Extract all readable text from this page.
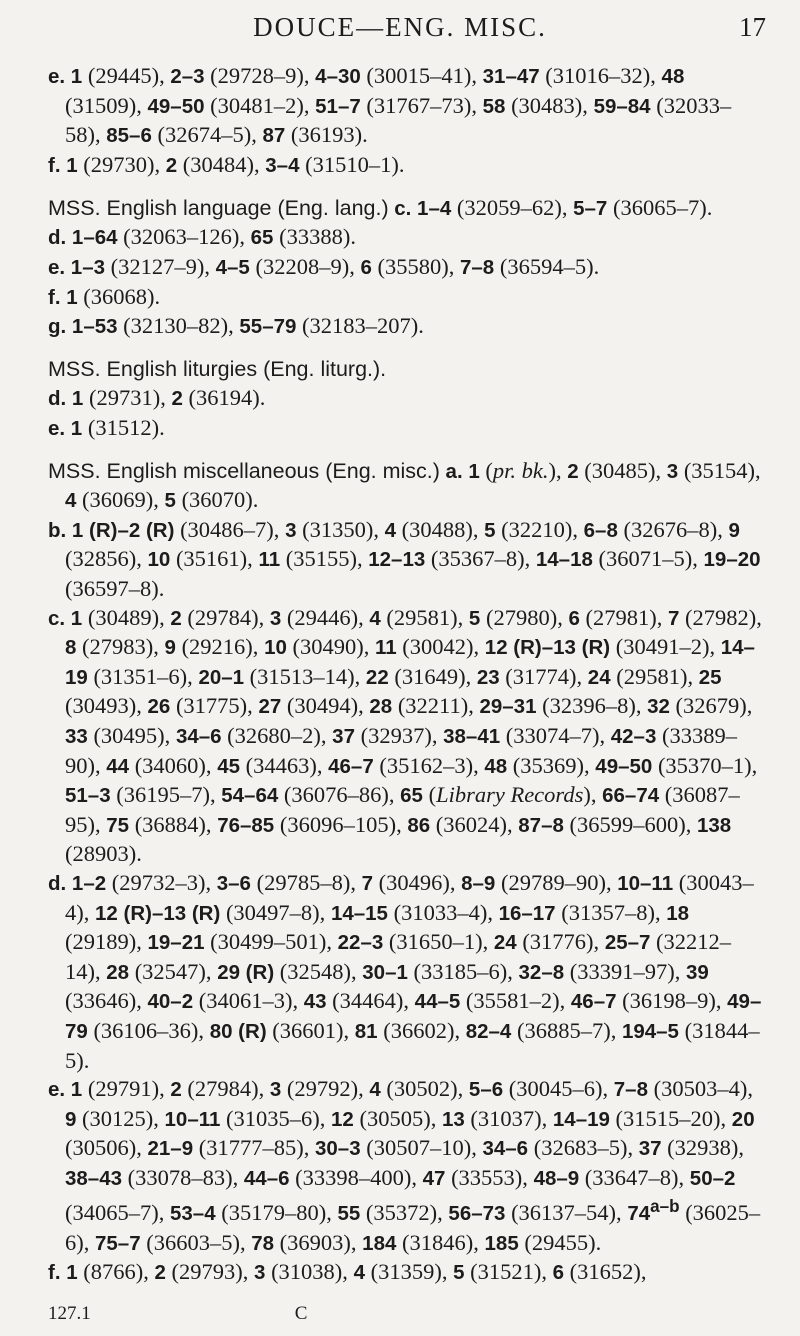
DOUCE—ENG. MISC.	17

e. 1 (29445), 2–3 (29728–9), 4–30 (30015–41), 31–47 (31016–32), 48 (31509), 49–50 (30481–2), 51–7 (31767–73), 58 (30483), 59–84 (32033–58), 85–6 (32674–5), 87 (36193).

f. 1 (29730), 2 (30484), 3–4 (31510–1).

MSS. English language (Eng. lang.) c. 1–4 (32059–62), 5–7 (36065–7).

d. 1–64 (32063–126), 65 (33388).

e. 1–3 (32127–9), 4–5 (32208–9), 6 (35580), 7–8 (36594–5).

f. 1 (36068).

g. 1–53 (32130–82), 55–79 (32183–207).

MSS. English liturgies (Eng. liturg.).

d. 1 (29731), 2 (36194).

e. 1 (31512).

MSS. English miscellaneous (Eng. misc.) a. 1 (pr. bk.), 2 (30485), 3 (35154), 4 (36069), 5 (36070).

b. 1 (R)–2 (R) (30486–7), 3 (31350), 4 (30488), 5 (32210), 6–8 (32676–8), 9 (32856), 10 (35161), 11 (35155), 12–13 (35367–8), 14–18 (36071–5), 19–20 (36597–8).

c. 1 (30489), 2 (29784), 3 (29446), 4 (29581), 5 (27980), 6 (27981), 7 (27982), 8 (27983), 9 (29216), 10 (30490), 11 (30042), 12 (R)–13 (R) (30491–2), 14–19 (31351–6), 20–1 (31513–14), 22 (31649), 23 (31774), 24 (29581), 25 (30493), 26 (31775), 27 (30494), 28 (32211), 29–31 (32396–8), 32 (32679), 33 (30495), 34–6 (32680–2), 37 (32937), 38–41 (33074–7), 42–3 (33389–90), 44 (34060), 45 (34463), 46–7 (35162–3), 48 (35369), 49–50 (35370–1), 51–3 (36195–7), 54–64 (36076–86), 65 (Library Records), 66–74 (36087–95), 75 (36884), 76–85 (36096–105), 86 (36024), 87–8 (36599–600), 138 (28903).

d. 1–2 (29732–3), 3–6 (29785–8), 7 (30496), 8–9 (29789–90), 10–11 (30043–4), 12 (R)–13 (R) (30497–8), 14–15 (31033–4), 16–17 (31357–8), 18 (29189), 19–21 (30499–501), 22–3 (31650–1), 24 (31776), 25–7 (32212–14), 28 (32547), 29 (R) (32548), 30–1 (33185–6), 32–8 (33391–97), 39 (33646), 40–2 (34061–3), 43 (34464), 44–5 (35581–2), 46–7 (36198–9), 49–79 (36106–36), 80 (R) (36601), 81 (36602), 82–4 (36885–7), 194–5 (31844–5).

e. 1 (29791), 2 (27984), 3 (29792), 4 (30502), 5–6 (30045–6), 7–8 (30503–4), 9 (30125), 10–11 (31035–6), 12 (30505), 13 (31037), 14–19 (31515–20), 20 (30506), 21–9 (31777–85), 30–3 (30507–10), 34–6 (32683–5), 37 (32938), 38–43 (33078–83), 44–6 (33398–400), 47 (33553), 48–9 (33647–8), 50–2 (34065–7), 53–4 (35179–80), 55 (35372), 56–73 (36137–54), 74$^{a-b}$ (36025–6), 75–7 (36603–5), 78 (36903), 184 (31846), 185 (29455).

f. 1 (8766), 2 (29793), 3 (31038), 4 (31359), 5 (31521), 6 (31652),

127.1	C
